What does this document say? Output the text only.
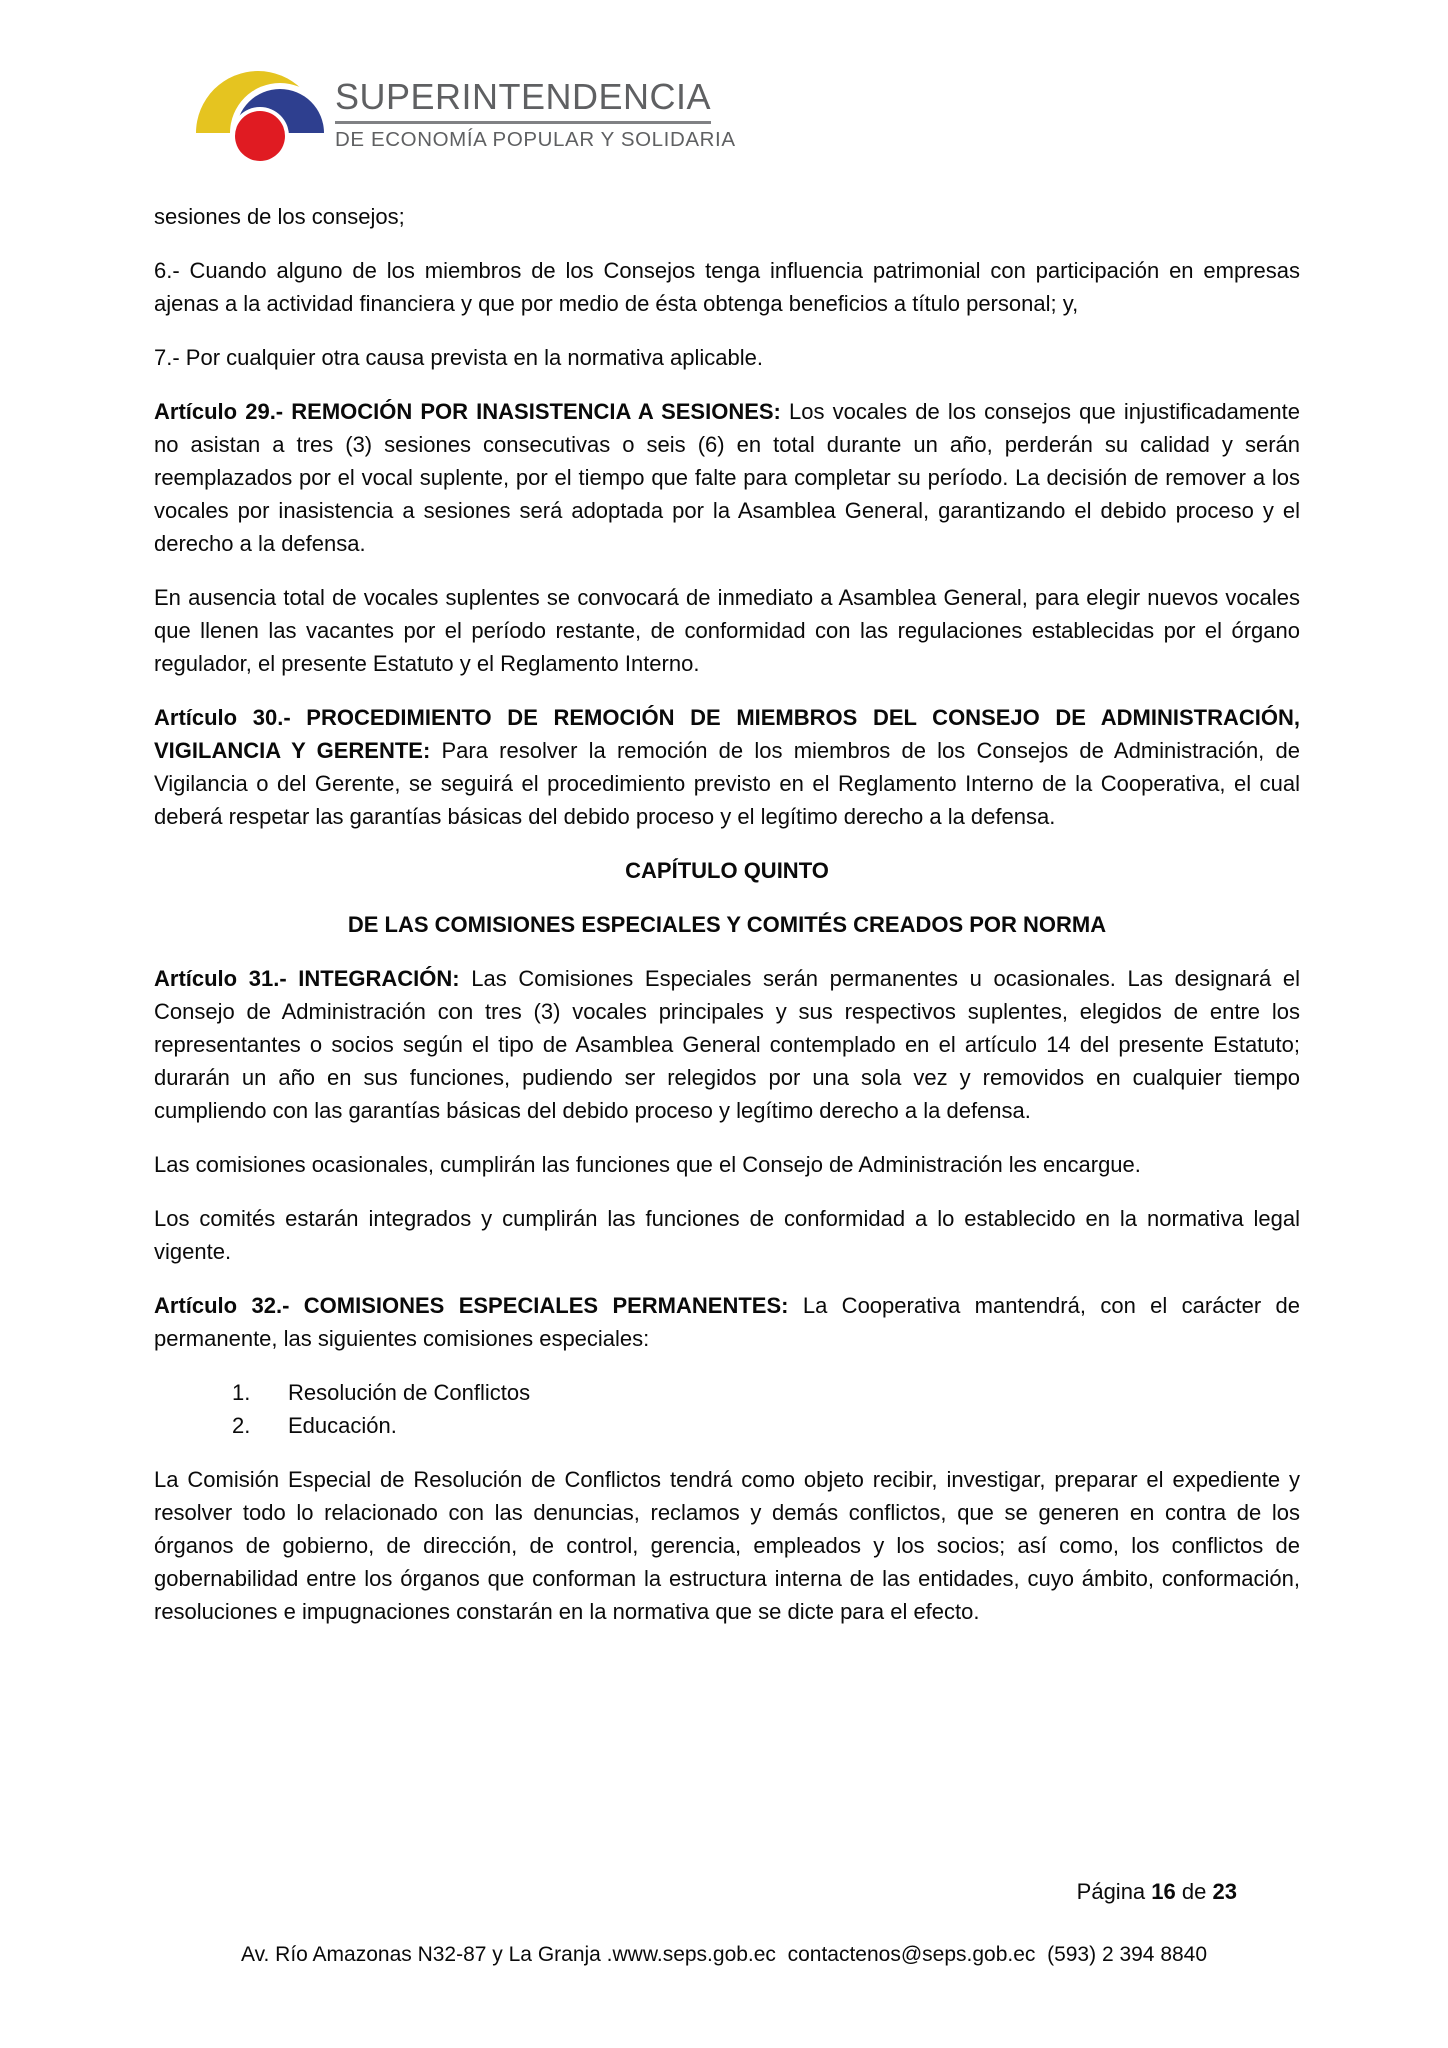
SUPERINTENDENCIA
DE ECONOMÍA POPULAR Y SOLIDARIA

sesiones de los consejos;

6.- Cuando alguno de los miembros de los Consejos tenga influencia patrimonial con participación en empresas ajenas a la actividad financiera y que por medio de ésta obtenga beneficios a título personal; y,

7.- Por cualquier otra causa prevista en la normativa aplicable.

Artículo 29.- REMOCIÓN POR INASISTENCIA A SESIONES: Los vocales de los consejos que injustificadamente no asistan a tres (3) sesiones consecutivas o seis (6) en total durante un año, perderán su calidad y serán reemplazados por el vocal suplente, por el tiempo que falte para completar su período. La decisión de remover a los vocales por inasistencia a sesiones será adoptada por la Asamblea General, garantizando el debido proceso y el derecho a la defensa.

En ausencia total de vocales suplentes se convocará de inmediato a Asamblea General, para elegir nuevos vocales que llenen las vacantes por el período restante, de conformidad con las regulaciones establecidas por el órgano regulador, el presente Estatuto y el Reglamento Interno.

Artículo 30.- PROCEDIMIENTO DE REMOCIÓN DE MIEMBROS DEL CONSEJO DE ADMINISTRACIÓN, VIGILANCIA Y GERENTE: Para resolver la remoción de los miembros de los Consejos de Administración, de Vigilancia o del Gerente, se seguirá el procedimiento previsto en el Reglamento Interno de la Cooperativa, el cual deberá respetar las garantías básicas del debido proceso y el legítimo derecho a la defensa.

CAPÍTULO QUINTO

DE LAS COMISIONES ESPECIALES Y COMITÉS CREADOS POR NORMA

Artículo 31.- INTEGRACIÓN: Las Comisiones Especiales serán permanentes u ocasionales. Las designará el Consejo de Administración con tres (3) vocales principales y sus respectivos suplentes, elegidos de entre los representantes o socios según el tipo de Asamblea General contemplado en el artículo 14 del presente Estatuto; durarán un año en sus funciones, pudiendo ser relegidos por una sola vez y removidos en cualquier tiempo cumpliendo con las garantías básicas del debido proceso y legítimo derecho a la defensa.

Las comisiones ocasionales, cumplirán las funciones que el Consejo de Administración les encargue.

Los comités estarán integrados y cumplirán las funciones de conformidad a lo establecido en la normativa legal vigente.

Artículo 32.- COMISIONES ESPECIALES PERMANENTES: La Cooperativa mantendrá, con el carácter de permanente, las siguientes comisiones especiales:

1.	Resolución de Conflictos
2.	Educación.

La Comisión Especial de Resolución de Conflictos tendrá como objeto recibir, investigar, preparar el expediente y resolver todo lo relacionado con las denuncias, reclamos y demás conflictos, que se generen en contra de los órganos de gobierno, de dirección, de control, gerencia, empleados y los socios; así como, los conflictos de gobernabilidad entre los órganos que conforman la estructura interna de las entidades, cuyo ámbito, conformación, resoluciones e impugnaciones constarán en la normativa que se dicte para el efecto.

Página 16 de 23
Av. Río Amazonas N32-87 y La Granja .www.seps.gob.ec  contactenos@seps.gob.ec  (593) 2 394 8840
